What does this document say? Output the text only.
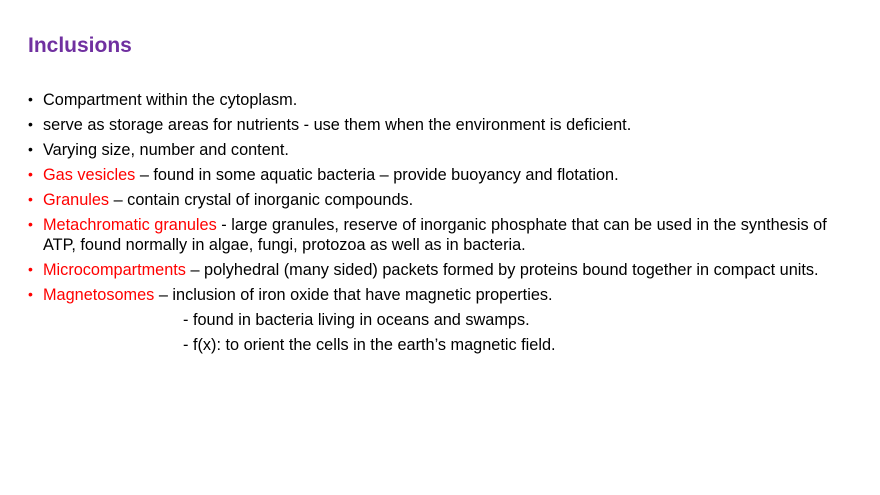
Inclusions
• Compartment within the cytoplasm.
• serve as storage areas for nutrients - use them when the environment is deficient.
• Varying size, number and content.
• Gas vesicles – found in some aquatic bacteria – provide buoyancy and flotation.
• Granules – contain crystal of inorganic compounds.
• Metachromatic granules - large granules, reserve of inorganic phosphate that can be used in the synthesis of ATP, found normally in algae, fungi, protozoa as well as in bacteria.
• Microcompartments – polyhedral (many sided) packets formed by proteins bound together in compact units.
• Magnetosomes – inclusion of iron oxide that have magnetic properties.
- found in bacteria living in oceans and swamps.
- f(x): to orient the cells in the earth’s magnetic field.
